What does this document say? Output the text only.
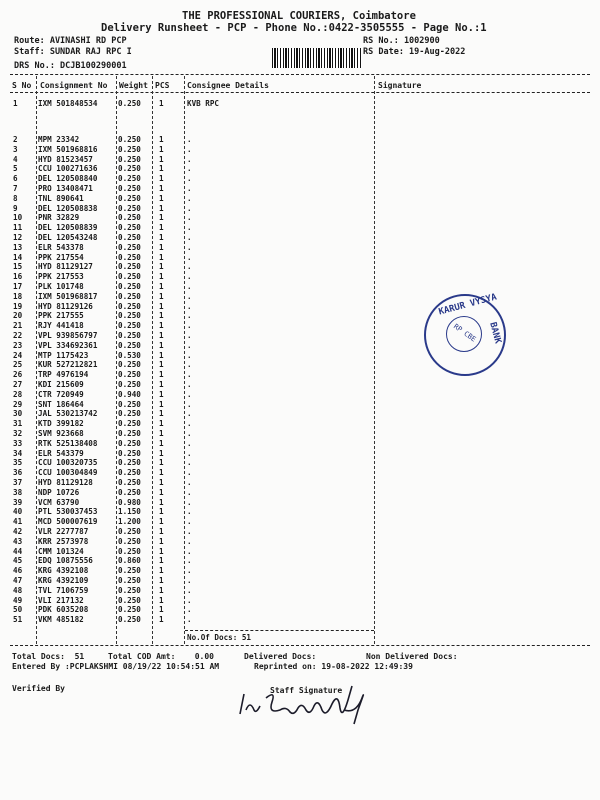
THE PROFESSIONAL COURIERS, Coimbatore
Delivery Runsheet - PCP - Phone No.:0422-3505555 - Page No.:1
Route: AVINASHI RD PCP
Staff: SUNDAR RAJ RPC I
DRS No.: DCJB100290001
RS No.: 1002900
RS Date: 19-Aug-2022
S No Consignment No Weight PCS Consignee Details	Signature
1	IXM 501848534	0.250 1	KVB RPC
2	MPM 23342	0.250 1	.
3	IXM 501968816	0.250 1	.
4	HYD 81523457	0.250 1	.
5	CCU 100271636	0.250 1	.
6	DEL 120508840	0.250 1	.
7	PRO 13408471	0.250 1	.
8	TNL 890641	0.250 1	.
9	DEL 120508838	0.250 1	.
10 PNR 32829	0.250 1	.
11 DEL 120508839	0.250 1	.
12 DEL 120543248	0.250 1	.
13 ELR 543378	0.250 1	.
14 PPK 217554	0.250 1	.
15 HYD 81129127	0.250 1	.
16 PPK 217553	0.250 1	.
17 PLK 101748	0.250 1	.
18 IXM 501968817	0.250 1	.
19 HYD 81129126	0.250 1	.
20 PPK 217555	0.250 1	.
21 RJY 441418	0.250 1	.
22 VPL 939856797	0.250 1	.
23 VPL 334692361	0.250 1	.
24 MTP 1175423	0.530 1	.
25 KUR 527212821	0.250 1	.
26 TRP 4976194	0.250 1	.
27 KDI 215609	0.250 1	.
28 CTR 720949	0.940 1	.
29 SNT 186464	0.250 1	.
30 JAL 530213742	0.250 1	.
31 KTD 399182	0.250 1	.
32 SVM 923668	0.250 1	.
33 RTK 525138408	0.250 1	.
34 ELR 543379	0.250 1	.
35 CCU 100320735	0.250 1	.
36 CCU 100304849	0.250 1	.
37 HYD 81129128	0.250 1	.
38 NDP 10726	0.250 1	.
39 VCM 63790	0.980 1	.
40 PTL 530037453	1.150 1	.
41 MCD 500007619	1.200 1	.
42 VLR 2277787	0.250 1	.
43 KRR 2573978	0.250 1	.
44 CMM 101324	0.250 1	.
45 EDQ 10875556	0.860 1	.
46 KRG 4392108	0.250 1	.
47 KRG 4392109	0.250 1	.
48 TVL 7106759	0.250 1	.
49 VLI 217132	0.250 1	.
50 PDK 6035208	0.250 1	.
51 VKM 485182	0.250 1	.
No.Of Docs: 51
Total Docs:  51	Total COD Amt:    0.00	Delivered Docs:	Non Delivered Docs:
Entered By :PCPLAKSHMI 08/19/22 10:54:51 AM	Reprinted on: 19-08-2022 12:49:39
Verified By	Staff Signature
KARUR VYSYA
BANK
RP CBE
